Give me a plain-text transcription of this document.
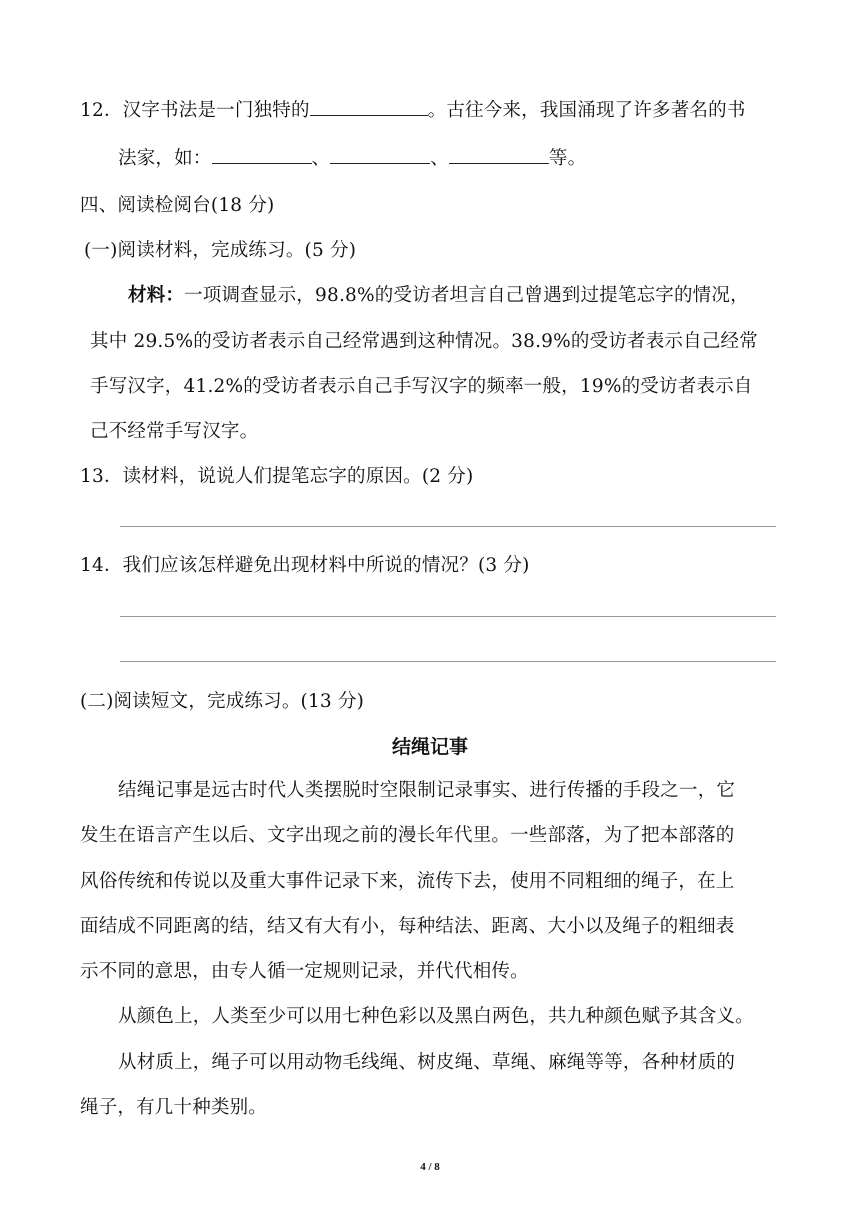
12．汉字书法是一门独特的	。古往今来，我国涌现了许多著名的书
法家，如：	、	、	等。
四、阅读检阅台(18 分)
(一)阅读材料，完成练习。(5 分)
材料：一项调查显示，98.8%的受访者坦言自己曾遇到过提笔忘字的情况，
其中 29.5%的受访者表示自己经常遇到这种情况。38.9%的受访者表示自己经常
手写汉字，41.2%的受访者表示自己手写汉字的频率一般，19%的受访者表示自
己不经常手写汉字。
13．读材料，说说人们提笔忘字的原因。(2 分)
14．我们应该怎样避免出现材料中所说的情况？(3 分)
(二)阅读短文，完成练习。(13 分)
结绳记事
结绳记事是远古时代人类摆脱时空限制记录事实、进行传播的手段之一，它
发生在语言产生以后、文字出现之前的漫长年代里。一些部落，为了把本部落的
风俗传统和传说以及重大事件记录下来，流传下去，使用不同粗细的绳子，在上
面结成不同距离的结，结又有大有小，每种结法、距离、大小以及绳子的粗细表
示不同的意思，由专人循一定规则记录，并代代相传。
从颜色上，人类至少可以用七种色彩以及黑白两色，共九种颜色赋予其含义。
从材质上，绳子可以用动物毛线绳、树皮绳、草绳、麻绳等等，各种材质的
绳子，有几十种类别。
4 / 8
